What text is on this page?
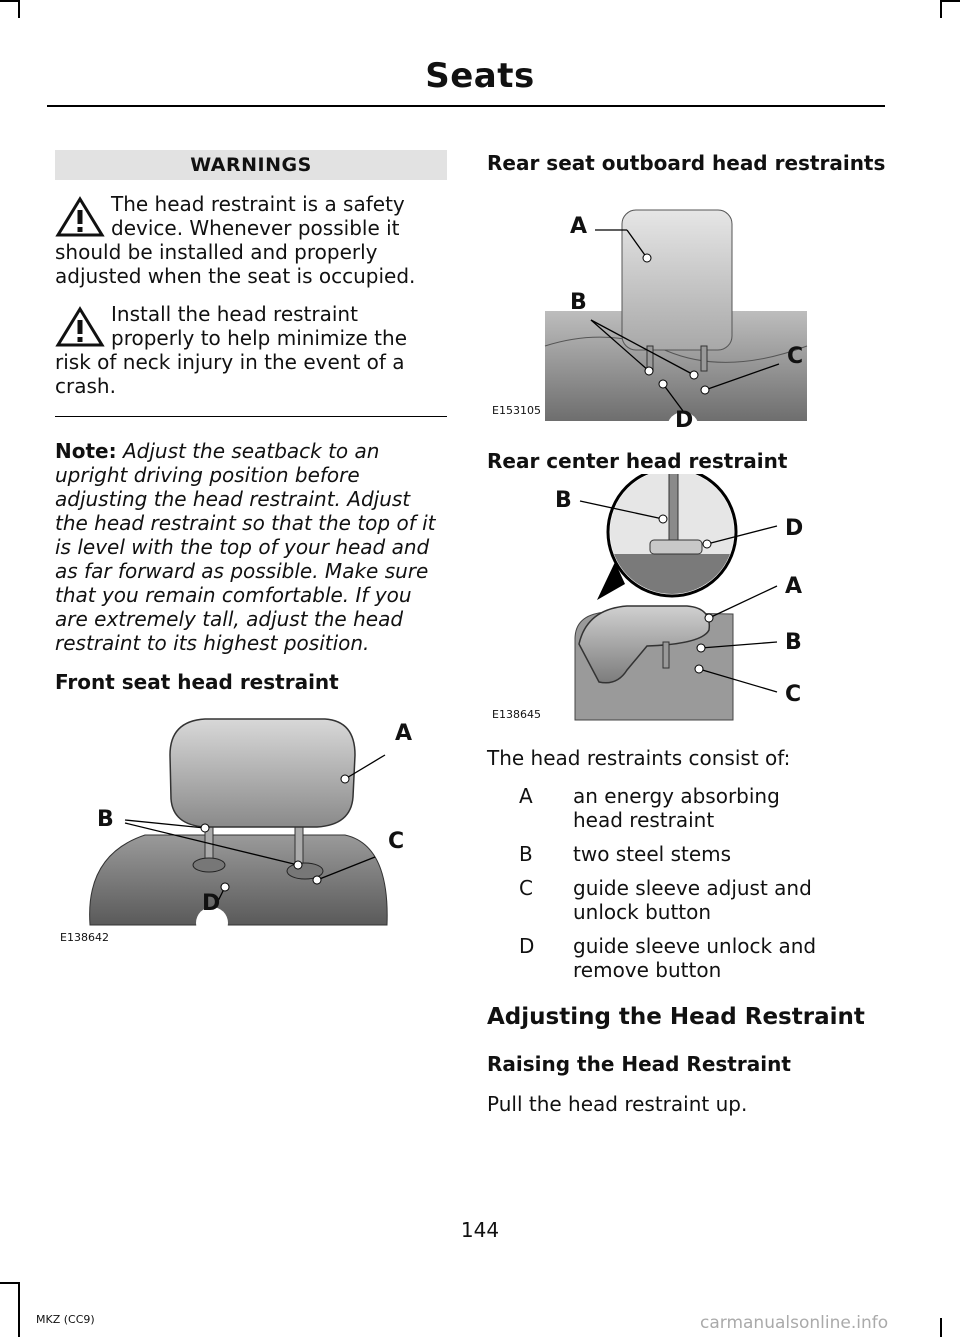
Seats
WARNINGS
The head restraint is a safety device. Whenever possible it should be installed and properly adjusted when the seat is occupied.
Install the head restraint properly to help minimize the risk of neck injury in the event of a crash.
Note: Adjust the seatback to an upright driving position before adjusting the head restraint. Adjust the head restraint so that the top of it is level with the top of your head and as far forward as possible. Make sure that you remain comfortable. If you are extremely tall, adjust the head restraint to its highest position.
Front seat head restraint
A
B
C
D
E138642
Rear seat outboard head restraints
A
B
C
D
E153105
Rear center head restraint
B
D
A
B
C
E138645
The head restraints consist of:
A	an energy absorbing head restraint
B	two steel stems
C	guide sleeve adjust and unlock button
D	guide sleeve unlock and remove button
Adjusting the Head Restraint
Raising the Head Restraint
Pull the head restraint up.
144
MKZ (CC9)	carmanualsonline.info
